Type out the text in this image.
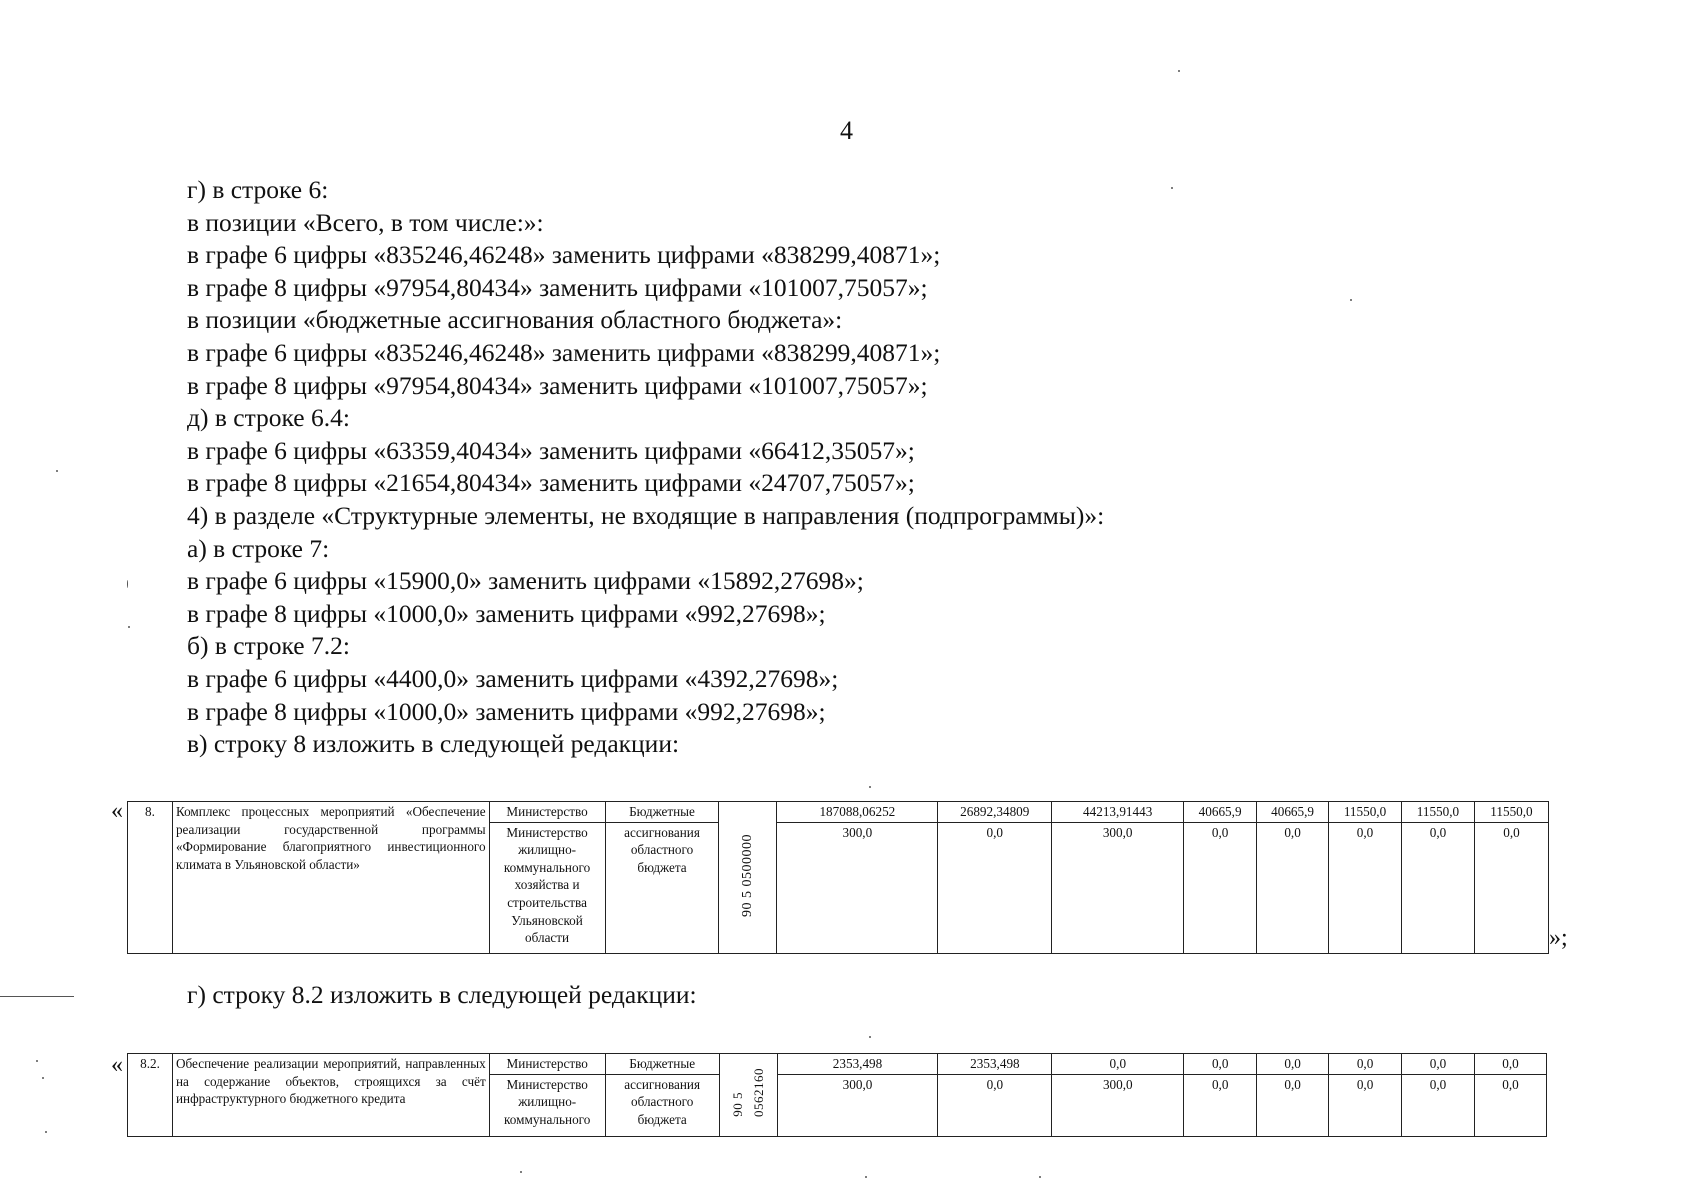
4
г) в строке 6:
в позиции «Всего, в том числе:»:
в графе 6 цифры «835246,46248» заменить цифрами «838299,40871»;
в графе 8 цифры «97954,80434» заменить цифрами «101007,75057»;
в позиции «бюджетные ассигнования областного бюджета»:
в графе 6 цифры «835246,46248» заменить цифрами «838299,40871»;
в графе 8 цифры «97954,80434» заменить цифрами «101007,75057»;
д) в строке 6.4:
в графе 6 цифры «63359,40434» заменить цифрами «66412,35057»;
в графе 8 цифры «21654,80434» заменить цифрами «24707,75057»;
4) в разделе «Структурные элементы, не входящие в направления (подпрограммы)»:
а) в строке 7:
в графе 6 цифры «15900,0» заменить цифрами «15892,27698»;
в графе 8 цифры «1000,0» заменить цифрами «992,27698»;
б) в строке 7.2:
в графе 6 цифры «4400,0» заменить цифрами «4392,27698»;
в графе 8 цифры «1000,0» заменить цифрами «992,27698»;
в) строку 8 изложить в следующей редакции:
« 8.	Комплекс процессных мероприятий «Обеспечение реализации государственной программы «Формирование благоприятного инвестиционного климата в Ульяновской области»	Министерство	Бюджетные	90 5 0500000	187088,06252	26892,34809	44213,91443	40665,9	40665,9	11550,0	11550,0	11550,0
		Министерство жилищно-коммунального хозяйства и строительства Ульяновской области	ассигнования областного бюджета		300,0	0,0	300,0	0,0	0,0	0,0	0,0	0,0
»;
г) строку 8.2 изложить в следующей редакции:
« 8.2.	Обеспечение реализации мероприятий, направленных на содержание объектов, строящихся за счёт инфраструктурного бюджетного кредита	Министерство	Бюджетные	90 5 0562160	2353,498	2353,498	0,0	0,0	0,0	0,0	0,0	0,0
		Министерство жилищно-коммунального	ассигнования областного бюджета		300,0	0,0	300,0	0,0	0,0	0,0	0,0	0,0
